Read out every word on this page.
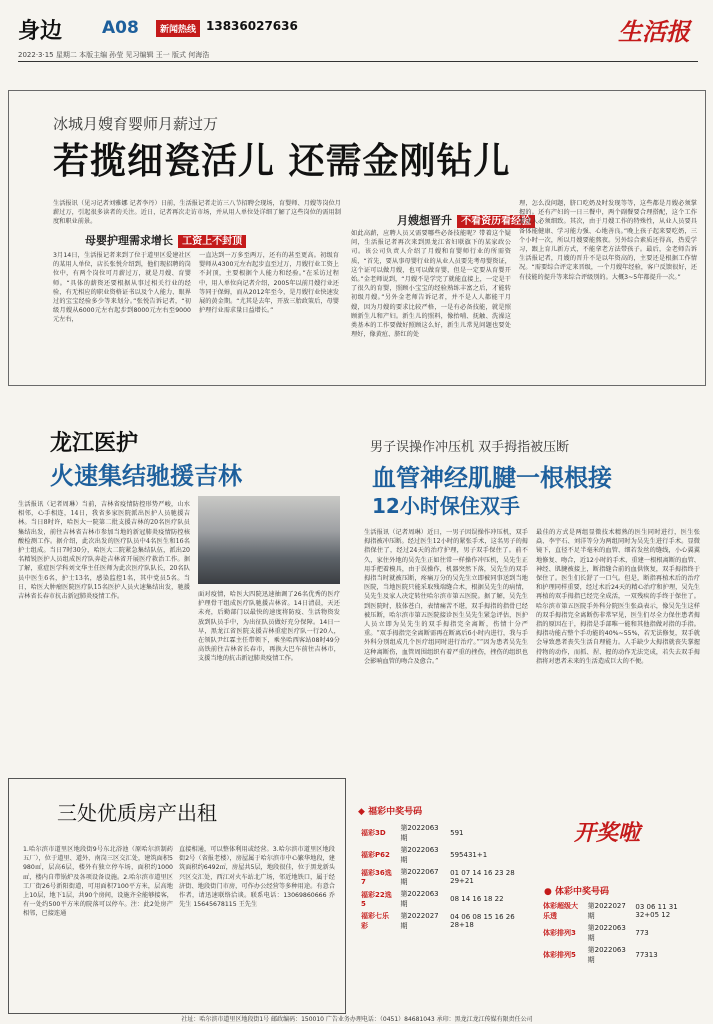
身边 A08	新闻热线 13836027636	生活报
2022·3·15 星期二 本版主编 孙莹 见习编辑 王一 版式 何海浩
冰城月嫂育婴师月薪过万
若揽细瓷活儿 还需金刚钻儿
生活报讯（见习记者刘雅娜 记者李丹）日前，生活报记者走访三八节招聘会现场，育婴师、月嫂等岗位月薪过万，引起很多读者的关注。近日，记者再次走访市场，并从用人单位处详细了解了这些岗位的需用制度和职业前景。
母婴护理需求增长 工资上不封顶
3月14日，生活报记者来到了位于道里区爱建社区的某用人单位，店长张悦介绍到，他们现招聘的岗位中，有两个岗位可月薪过万，就是月嫂、育婴师。“具体的薪资还要根据从事过相关行业的经验，有无相应的职业资格证书以及个人能力、眼界过的宝宝经验多少等来划分。”张悦告诉记者，“初级月嫂从6000元左右起步到8000元左右至9000元左右，
一直达到一万多至两万，还有的甚至更高。初级育婴师从4300元左右起步直至过万，月嫂行业工资上不封顶，主要根据个人能力和经验。”在采访过程中，用人单位向记者介绍，2005年以前月嫂行业还等同于保姆，而从2012年至今，是月嫂行业快速发展的黄金期。“尤其是去年，开放三胎政策后，母婴护理行业需求量日益增长。”
月嫂想晋升 不看资历看经验
如此高薪，应聘人员又需要哪些必备技能呢？带着这个疑问，生活报记者再次来到黑龙江省妇联旗下的某家政公司。该公司负责人介绍了月嫂和育婴师行业的所需资质，“首先，要从事母婴行业的从业人员要先考母婴资证，这个证可以做月嫂，也可以做育婴，但是一定要从育婴开始。”金老师说到，“月嫂不是学完了就能直接上，一定是干了很久的育婴，照顾小宝宝的经验熟练丰富之后，才能转初级月嫂。”另外金老师告诉记者，并不是人人都能干月嫂，因为月嫂的要求比较严格，一是有必备技能，就是照顾新生儿和产妇。新生儿的照料，像抬哺、抚触、洗澡这类基本的工作要做好照顾这么好，新生儿常见问题也要处理好，像黄疸、脐红的处
理，怎么没问题，脐口吃奶及时发现等等，这些都是月嫂必须掌握的。还有产妇的一日三餐中，两个副餐要合理搭配，这个工作要求人必须细致。其次，由于月嫂工作的特殊性，从业人员要具备体能健康、学习能力强、心地善良。”晚上孩子起来要吃奶，三个小时一次，所以月嫂要能熬夜。另外综合素质还得高，热爱学习，跟上育儿新方式，不能拿老方法带孩子。最后，金老师告诉生活报记者，月嫂的晋升不是以年资高的，主要还是根据工作情况。“需要综合评定来晋级，一个月嫂年经验，客户反馈很好，还有技能的提升等来综合评级别的。大概3~5年都提升一次。”
龙江医护
火速集结驰援吉林
生活报讯（记者周琳）当前，吉林省疫情防控形势严峻，山水相邻，心手相连，14日，我省多家医院派出医护人员驰援吉林。当日8时许，哈医大一院第二批支援吉林的20名医疗队员集结出发，前往吉林省吉林市参加当地的新冠肺炎疫情防控核酸检测工作。据介绍，此次出发的医疗队员中4名医生和16名护士组成。当日7时30分，哈医大二院紧急集结队伍，派出20名精锐医护人员组成医疗队奔赴吉林省开展医疗救治工作。据了解，重症医学科刘文华主任医师为此次医疗队队长，20名队员中医生6名，护士13名，感染监控1名，其中党员5名。当日，哈医大肿瘤医院医疗队15名医护人员火速集结出发，驰援吉林省长春市抗击新冠肺炎疫情工作。	面对疫情，哈医大四院迅速抽调了26名优秀的医疗护理骨干组成医疗队驰援吉林省。14日清晨，天还未亮，后勤部门以最快的速度将防疫、生活物资发放到队员手中，为出征队员做好充分保障。14日一早，黑龙江省医院支援吉林重症医疗队一行20人，在领队尹红霖主任带领下，乘坐哈西客站08时49分高铁前往吉林省长春市，再换大巴车前往吉林市，支援当地的抗击新冠肺炎疫情工作。
男子误操作冲压机 双手拇指被压断
血管神经肌腱一根根接
12小时保住双手
生活报讯（记者周琳）近日，一男子因误操作冲压机，双手拇指被冲压断。经过医生12小时的紧张手术，这名男子的拇指保住了，经过24天的治疗护理，男子双手保住了。前不久，家住外地的吴先生正如往常一样操作冲压机，吴先生正用手把着模具，由于误操作，机器突然下落，吴先生的双手拇指当时就被压断，疼痛万分的吴先生立即被同事送到当地医院，当地医院只能采取残端缝合术，根据吴先生的病情，吴先生及家人决定转往哈尔滨市第五医院。据了解，吴先生到医院时，肢体苍白，表情痛苦不堪，双手拇指的指骨已经被压断，哈尔滨市第五医院接诊医生吴先生紧急评估，医护人员立即为吴先生的双手拇指完全离断，伤情十分严重。“双手拇指完全离断需再在断离后6小时内进行，我与手外科分别组成几个医疗组同时进行治疗。”“因为患者吴先生这种离断伤，血管周围组织有着严重的挫伤，挫伤的组织也会影响血管的吻合及愈合。”
最佳的方式是两组显微技术精熟的医生同时进行，医生张焱、李宇石、刘洋等分为两组同时为吴先生进行手术。显微镜下，直径不足半毫米的血管、细若发丝的缝线，小心翼翼地修复、吻合，近12小时的手术，重建一根根离断的血管、神经、肌腱被接上，断指缝合前的血供恢复，双手拇指终于保住了。医生们长舒了一口气。但是，断指再植术后的治疗和护理同样重要，经过术后24天的精心治疗和护理，吴先生再植的双手拇指已经完全成活，一双残疾的手终于保住了。哈尔滨市第五医院手外科分院医生张焱表示，像吴先生这样的双手拇指完全离断伤非常罕见，医生们尽全力保住患者拇指的原因在于，拇指是手部唯一能和其他指做对指的手指。拇指功能占整个手功能的40%~55%，若无法修复，双手就会导致患者丧失生活自理能力。人手缺少大拇指就丧失掌握持物的动作，而抓、捏、握的动作无法完成，若失去双手拇指将对患者未来的生活造成巨大的不便。
三处优质房产出租
1.哈尔滨市道里区地段街9号东北浴池（原哈尔滨制药五厂），位于道里、道外、南岗三区交汇处，建筑面积5980㎡，层高6层，楼外有独立停车场，面积约1000㎡，楼内自带锅炉及各项设备设施。2.哈尔滨市道里区工厂街26号新阳街道，可用面积7100平方米，层高地上10层，地下1层，共90个房间，设施齐全能够接客，有一处约500平方米的院落可以停车。注：此2处房产相邻，已接连通
直接相通，可以整体利用或经营。3.哈尔滨市道里区地段街2号（省报老楼），房屋属于哈尔滨市中心繁华地段，建筑面积约6492㎡，房屋共5层，地段很佳，位于黑龙新头兴区交汇处，西江对火车站北广场，邻近地铁口，属于经济街、地段街门市房，可作办公经营等多种用途。有意合作者，请迅速联络洽谈。联系电话：13069860666 乔先生 15645678115 王先生
◆ 福彩中奖号码
福彩3D	第2022063期	591
福彩P62	第2022063期	595431+1
福彩36选7	第2022067期	01 07 14 16 23 28 29+21
福彩22选5	第2022063期	08 14 16 18 22
福彩七乐彩	第2022027期	04 06 08 15 16 26 28+18
开奖啦
● 体彩中奖号码
体彩超级大乐透	第2022027期	03 06 11 31 32+05 12
体彩排列3	第2022063期	773
体彩排列5	第2022063期	77313
社址：哈尔滨市道里区地段街1号 邮政编码：150010 广告业务办理电话：（0451）84681043 承印：黑龙江龙江传媒有限责任公司
